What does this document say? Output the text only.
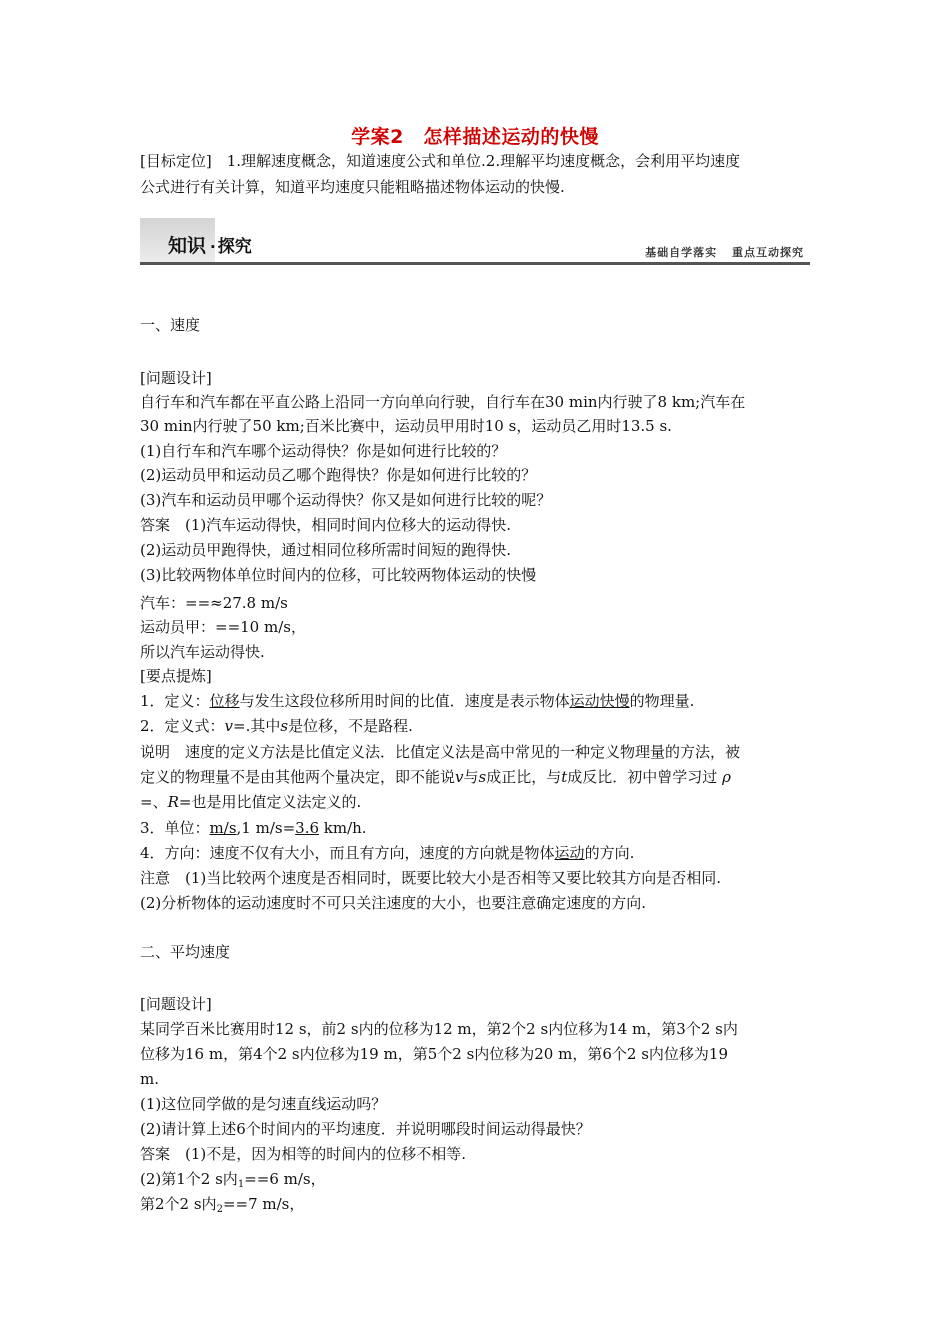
学案2　怎样描述运动的快慢
[目标定位]　1.理解速度概念，知道速度公式和单位.2.理解平均速度概念，会利用平均速度
公式进行有关计算，知道平均速度只能粗略描述物体运动的快慢.
知识 · 探究	基础自学落实 重点互动探究
一、速度
[问题设计]
自行车和汽车都在平直公路上沿同一方向单向行驶，自行车在30 min内行驶了8 km;汽车在
30 min内行驶了50 km;百米比赛中，运动员甲用时10 s，运动员乙用时13.5 s.
(1)自行车和汽车哪个运动得快？你是如何进行比较的？
(2)运动员甲和运动员乙哪个跑得快？你是如何进行比较的？
(3)汽车和运动员甲哪个运动得快？你又是如何进行比较的呢？
答案　(1)汽车运动得快，相同时间内位移大的运动得快.
(2)运动员甲跑得快，通过相同位移所需时间短的跑得快.
(3)比较两物体单位时间内的位移，可比较两物体运动的快慢
汽车：==≈27.8 m/s
运动员甲：==10 m/s，
所以汽车运动得快.
[要点提炼]
1．定义：位移与发生这段位移所用时间的比值．速度是表示物体运动快慢的物理量.
2．定义式：v=.其中s是位移，不是路程.
说明　速度的定义方法是比值定义法．比值定义法是高中常见的一种定义物理量的方法，被
定义的物理量不是由其他两个量决定，即不能说v与s成正比，与t成反比．初中曾学习过 ρ
=、R=也是用比值定义法定义的.
3．单位：m/s,1 m/s=3.6 km/h.
4．方向：速度不仅有大小，而且有方向，速度的方向就是物体运动的方向.
注意　(1)当比较两个速度是否相同时，既要比较大小是否相等又要比较其方向是否相同.
(2)分析物体的运动速度时不可只关注速度的大小，也要注意确定速度的方向.
二、平均速度
[问题设计]
某同学百米比赛用时12 s，前2 s内的位移为12 m，第2个2 s内位移为14 m，第3个2 s内
位移为16 m，第4个2 s内位移为19 m，第5个2 s内位移为20 m，第6个2 s内位移为19
m.
(1)这位同学做的是匀速直线运动吗？
(2)请计算上述6个时间内的平均速度．并说明哪段时间运动得最快？
答案　(1)不是，因为相等的时间内的位移不相等.
(2)第1个2 s内$_1$==6 m/s，
第2个2 s内$_2$==7 m/s，
